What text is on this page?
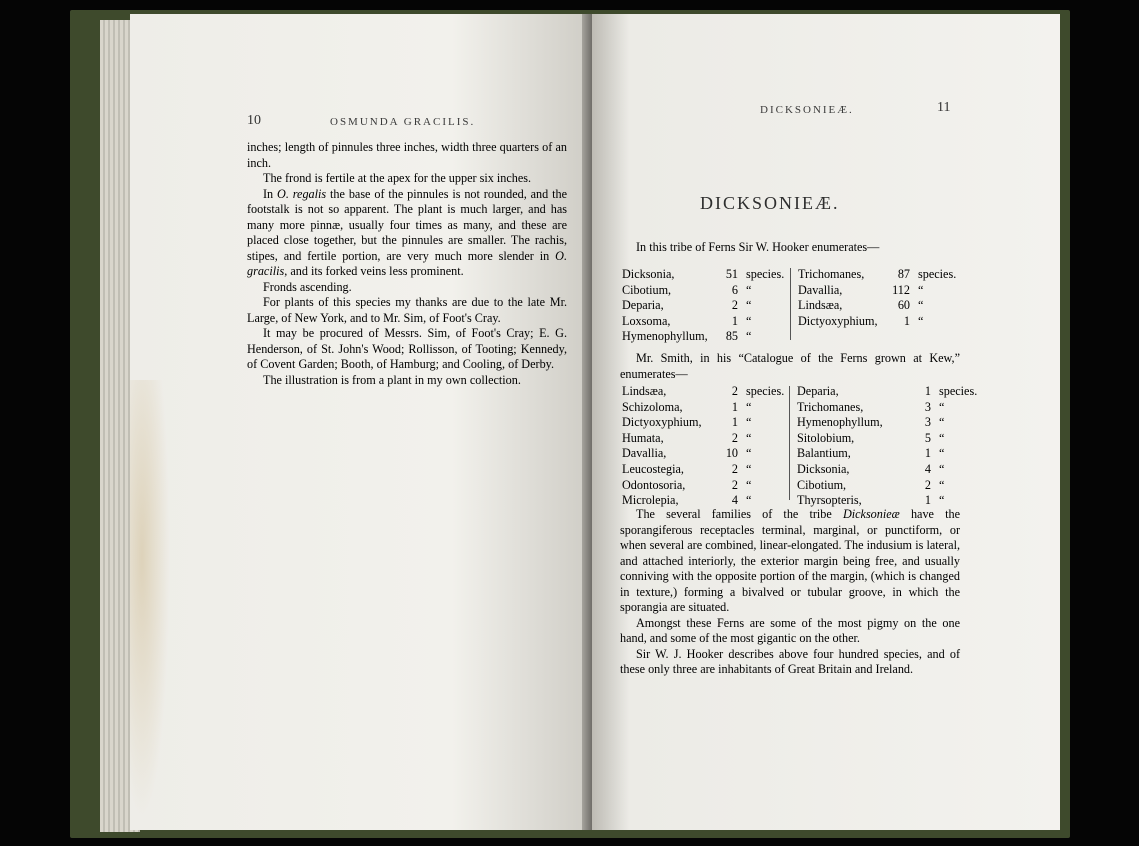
10	OSMUNDA GRACILIS.

inches; length of pinnules three inches, width three quarters of an inch.

The frond is fertile at the apex for the upper six inches.

In O. regalis the base of the pinnules is not rounded, and the footstalk is not so apparent. The plant is much larger, and has many more pinnæ, usually four times as many, and these are placed close together, but the pinnules are smaller. The rachis, stipes, and fertile portion, are very much more slender in O. gracilis, and its forked veins less prominent.

Fronds ascending.

For plants of this species my thanks are due to the late Mr. Large, of New York, and to Mr. Sim, of Foot's Cray.

It may be procured of Messrs. Sim, of Foot's Cray; E. G. Henderson, of St. John's Wood; Rollisson, of Tooting; Kennedy, of Covent Garden; Booth, of Hamburg; and Cooling, of Derby.

The illustration is from a plant in my own collection.

DICKSONIEÆ.	11
DICKSONIEÆ.

In this tribe of Ferns Sir W. Hooker enumerates—

Dicksonia,	51 species.
Cibotium,	6 “
Deparia,	2 “
Loxsoma,	1 “
Hymenophyllum,	85 “
Trichomanes,	87 species.
Davallia,	112 “
Lindsæa,	60 “
Dictyoxyphium,	1 “

Mr. Smith, in his “Catalogue of the Ferns grown at Kew,” enumerates—

Lindsæa,	2 species.
Schizoloma,	1 “
Dictyoxyphium,	1 “
Humata,	2 “
Davallia,	10 “
Leucostegia,	2 “
Odontosoria,	2 “
Microlepia,	4 “
Deparia,	1 species.
Trichomanes,	3 “
Hymenophyllum,	3 “
Sitolobium,	5 “
Balantium,	1 “
Dicksonia,	4 “
Cibotium,	2 “
Thyrsopteris,	1 “

The several families of the tribe Dicksonieæ have the sporangiferous receptacles terminal, marginal, or punctiform, or when several are combined, linear-elongated. The indusium is lateral, and attached interiorly, the exterior margin being free, and usually conniving with the opposite portion of the margin, (which is changed in texture,) forming a bivalved or tubular groove, in which the sporangia are situated.

Amongst these Ferns are some of the most pigmy on the one hand, and some of the most gigantic on the other.

Sir W. J. Hooker describes above four hundred species, and of these only three are inhabitants of Great Britain and Ireland.
